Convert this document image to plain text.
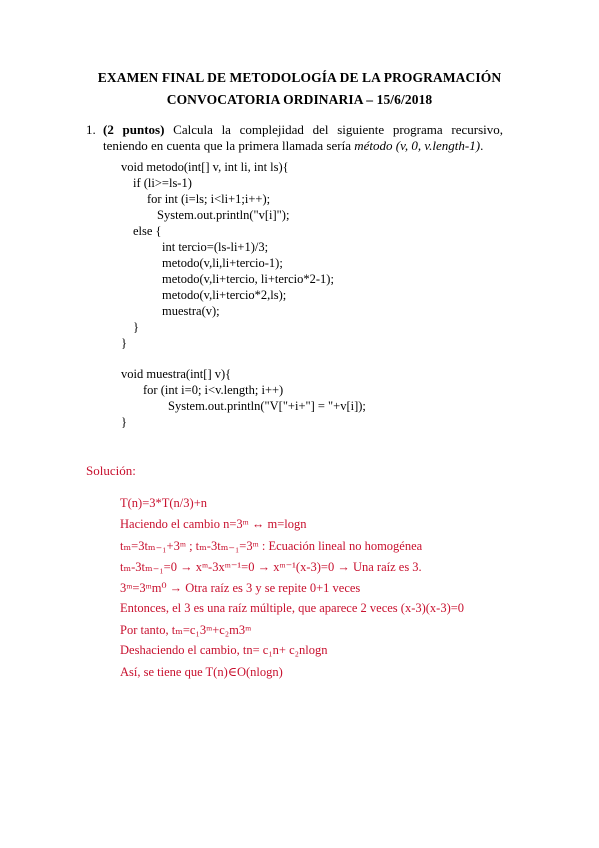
EXAMEN FINAL DE METODOLOGÍA DE LA PROGRAMACIÓN
CONVOCATORIA ORDINARIA – 15/6/2018
1. (2 puntos) Calcula la complejidad del siguiente programa recursivo, teniendo en cuenta que la primera llamada sería método (v, 0, v.length-1).
void metodo(int[] v, int li, int ls){
if (li>=ls-1)
for int (i=ls; i<li+1;i++);
System.out.println("v[i]");
else {
int tercio=(ls-li+1)/3;
metodo(v,li,li+tercio-1);
metodo(v,li+tercio, li+tercio*2-1);
metodo(v,li+tercio*2,ls);
muestra(v);
}
}
void muestra(int[] v){
for (int i=0; i<v.length; i++)
System.out.println("V["+i+"] = "+v[i]);
}
Solución:
T(n)=3*T(n/3)+n
Haciendo el cambio n=3ᵐ ↔ m=logn
tₘ=3tₘ₋₁+3ᵐ ; tₘ-3tₘ₋₁=3ᵐ : Ecuación lineal no homogénea
tₘ-3tₘ₋₁=0 → xᵐ-3xᵐ⁻¹=0 → xᵐ⁻¹(x-3)=0 → Una raíz es 3.
3ᵐ=3ᵐm⁰ → Otra raíz es 3 y se repite 0+1 veces
Entonces, el 3 es una raíz múltiple, que aparece 2 veces (x-3)(x-3)=0
Por tanto, tₘ=c₁3ᵐ+c₂m3ᵐ
Deshaciendo el cambio, tn= c₁n+ c₂nlogn
Así, se tiene que T(n)∈O(nlogn)
